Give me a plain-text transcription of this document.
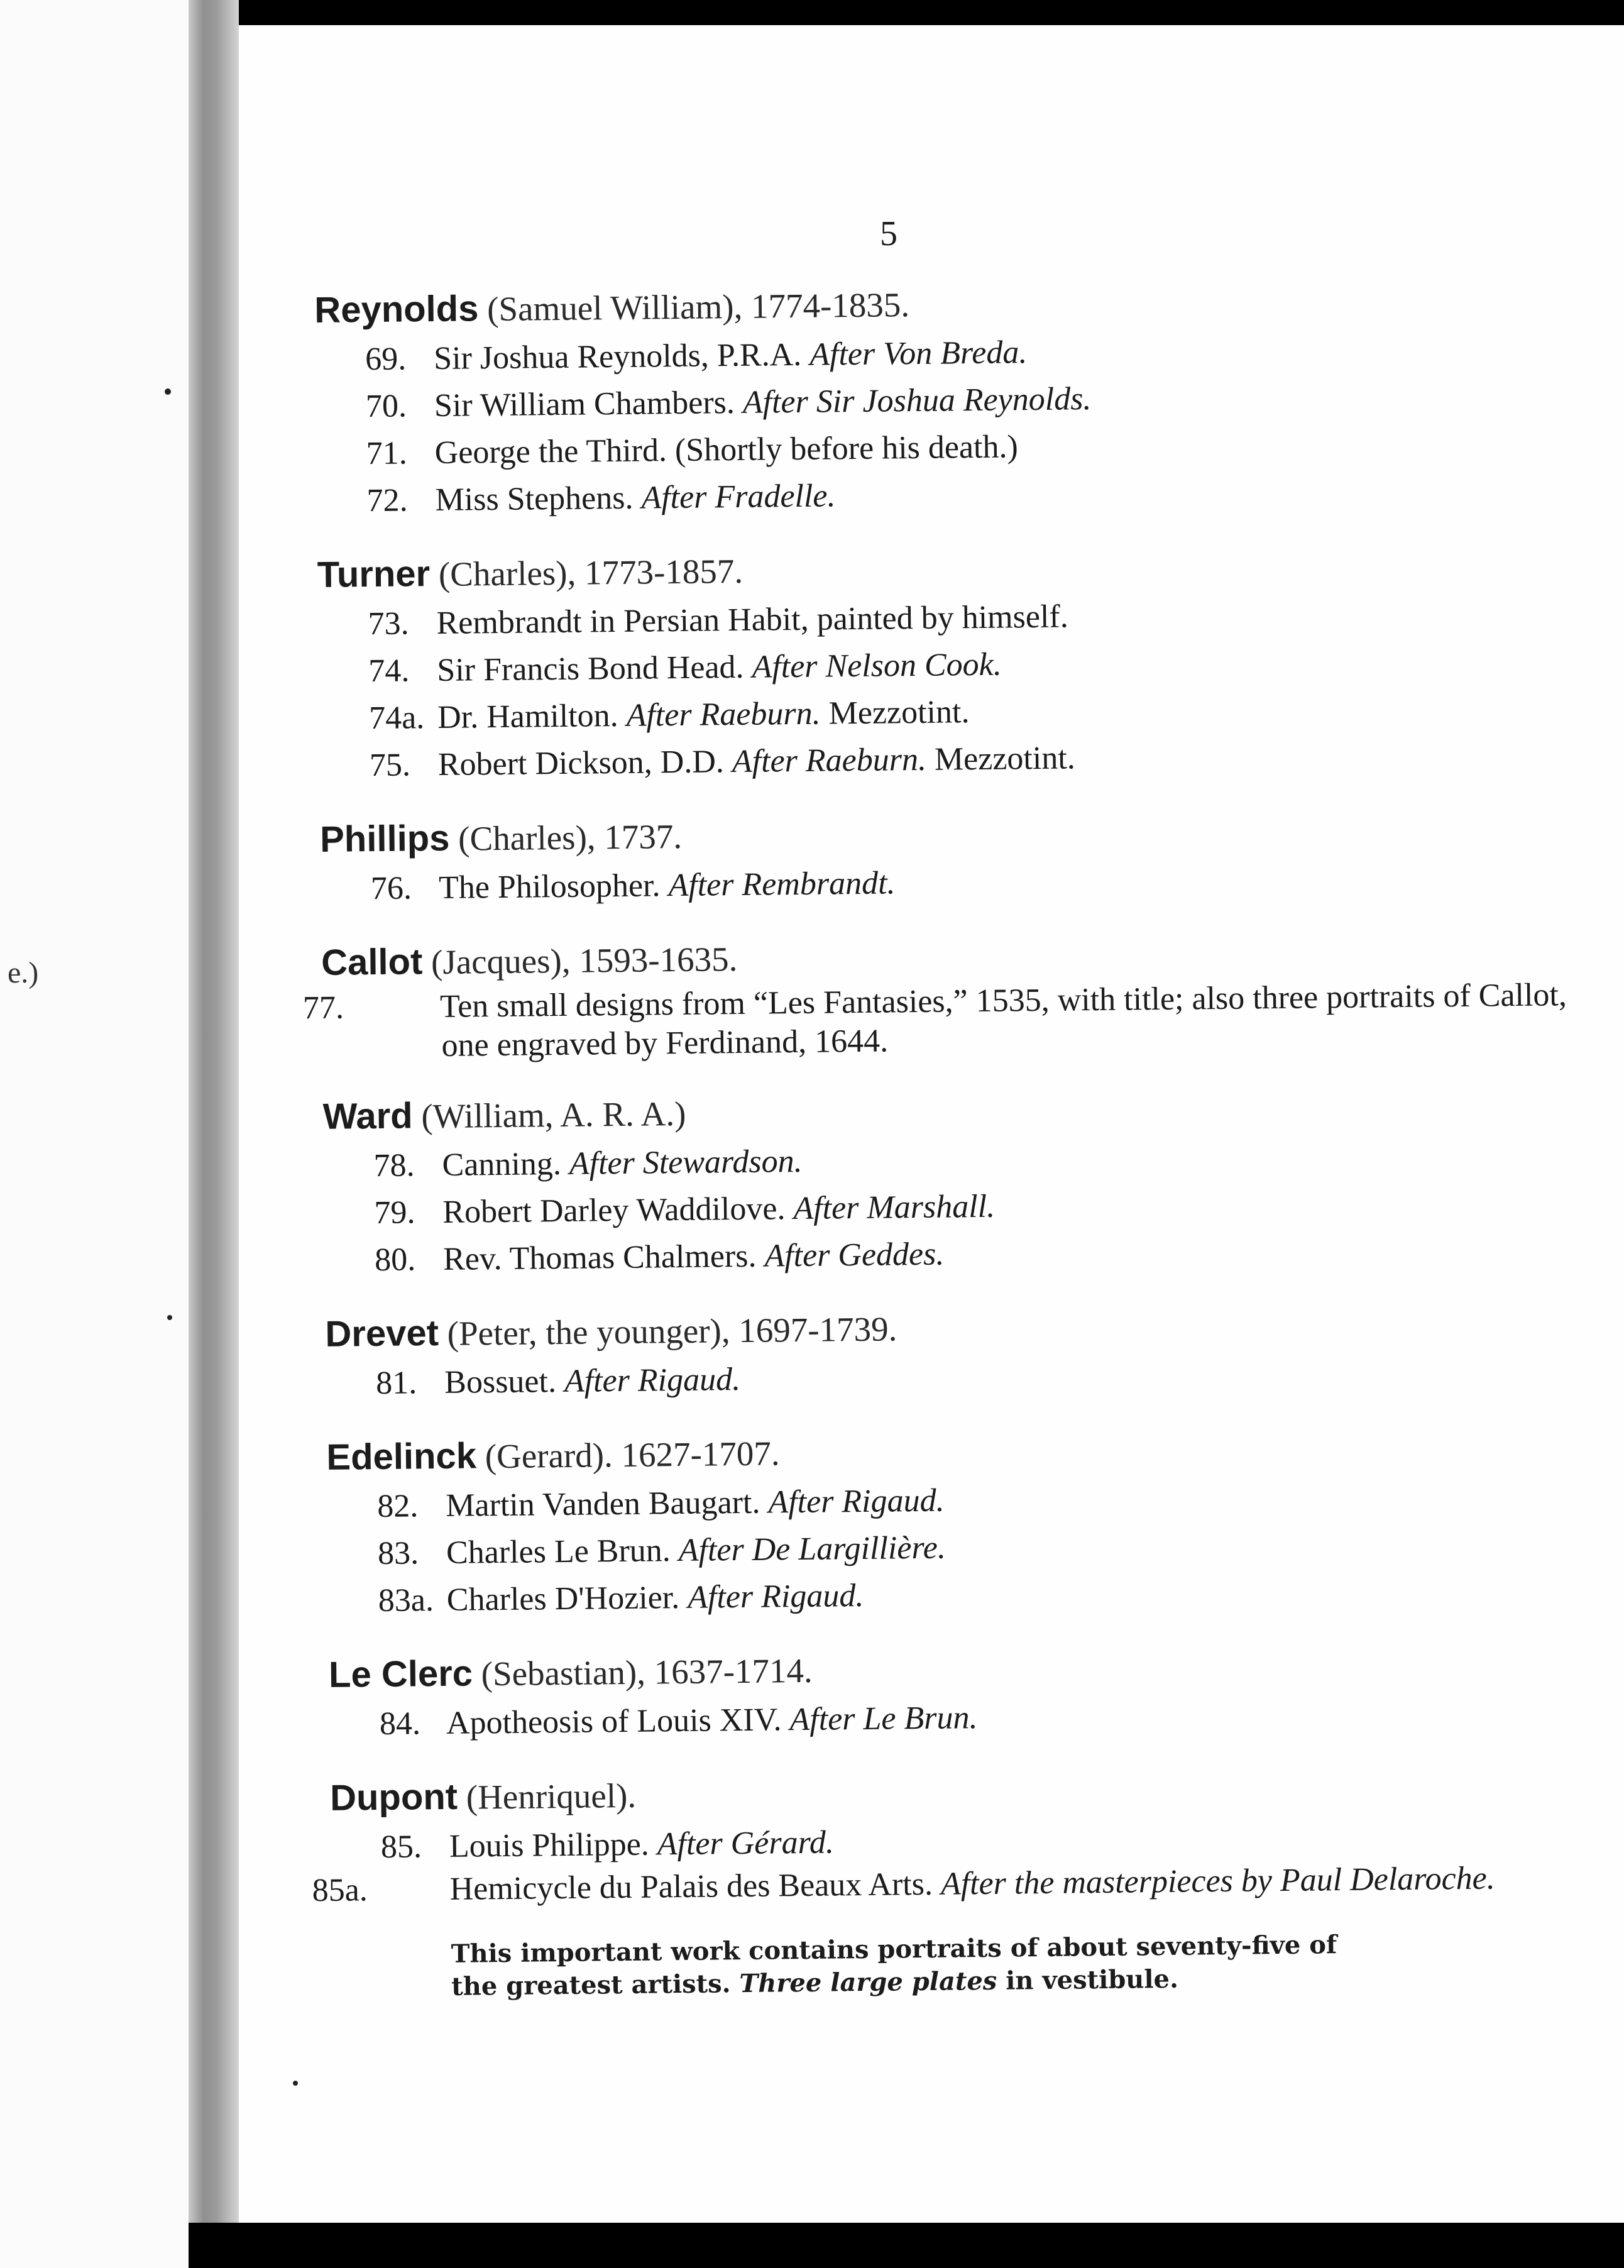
e.)
5
Reynolds (Samuel William), 1774-1835.
69. Sir Joshua Reynolds, P.R.A. After Von Breda.
70. Sir William Chambers. After Sir Joshua Reynolds.
71. George the Third. (Shortly before his death.)
72. Miss Stephens. After Fradelle.
Turner (Charles), 1773-1857.
73. Rembrandt in Persian Habit, painted by himself.
74. Sir Francis Bond Head. After Nelson Cook.
74a. Dr. Hamilton. After Raeburn. Mezzotint.
75. Robert Dickson, D.D. After Raeburn. Mezzotint.
Phillips (Charles), 1737.
76. The Philosopher. After Rembrandt.
Callot (Jacques), 1593-1635.
77.	Ten small designs from “Les Fantasies,” 1535, with title; also three portraits of Callot, one engraved by Ferdinand, 1644.
Ward (William, A. R. A.)
78. Canning. After Stewardson.
79. Robert Darley Waddilove. After Marshall.
80. Rev. Thomas Chalmers. After Geddes.
Drevet (Peter, the younger), 1697-1739.
81. Bossuet. After Rigaud.
Edelinck (Gerard). 1627-1707.
82. Martin Vanden Baugart. After Rigaud.
83. Charles Le Brun. After De Largillière.
83a. Charles D'Hozier. After Rigaud.
Le Clerc (Sebastian), 1637-1714.
84. Apotheosis of Louis XIV. After Le Brun.
Dupont (Henriquel).
85. Louis Philippe. After Gérard.
85a.	Hemicycle du Palais des Beaux Arts. After the masterpieces by Paul Delaroche.
This important work contains portraits of about seventy-five of the greatest artists. Three large plates in vestibule.
